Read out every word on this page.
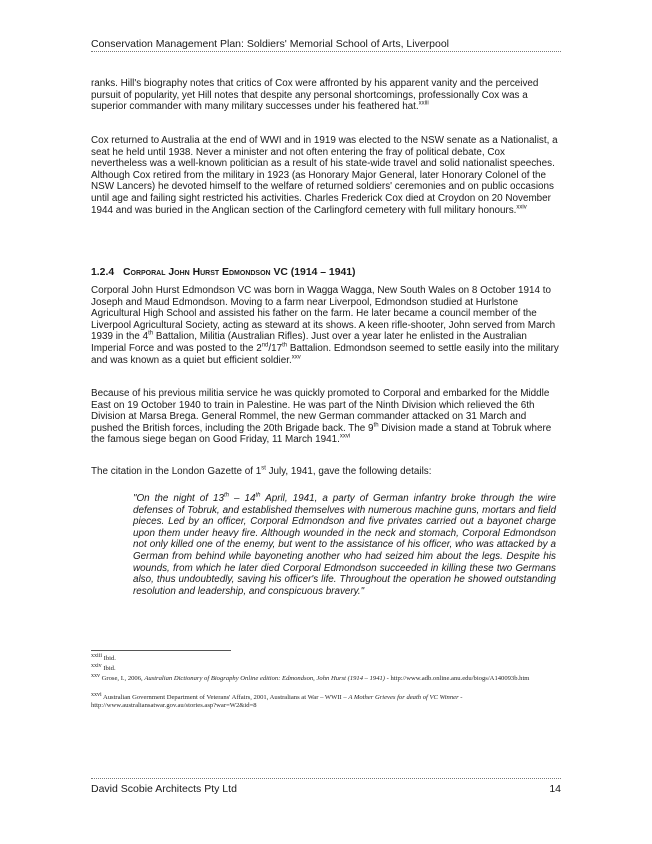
Conservation Management Plan: Soldiers' Memorial School of Arts, Liverpool

ranks. Hill's biography notes that critics of Cox were affronted by his apparent vanity and the perceived pursuit of popularity, yet Hill notes that despite any personal shortcomings, professionally Cox was a superior commander with many military successes under his feathered hat.$^{xxiii}$

Cox returned to Australia at the end of WWI and in 1919 was elected to the NSW senate as a Nationalist, a seat he held until 1938. Never a minister and not often entering the fray of political debate, Cox nevertheless was a well-known politician as a result of his state-wide travel and solid nationalist speeches. Although Cox retired from the military in 1923 (as Honorary Major General, later Honorary Colonel of the NSW Lancers) he devoted himself to the welfare of returned soldiers' ceremonies and on public occasions until age and failing sight restricted his activities. Charles Frederick Cox died at Croydon on 20 November 1944 and was buried in the Anglican section of the Carlingford cemetery with full military honours.$^{xxiv}$

1.2.4 Corporal John Hurst Edmondson VC (1914 – 1941)

Corporal John Hurst Edmondson VC was born in Wagga Wagga, New South Wales on 8 October 1914 to Joseph and Maud Edmondson. Moving to a farm near Liverpool, Edmondson studied at Hurlstone Agricultural High School and assisted his father on the farm. He later became a council member of the Liverpool Agricultural Society, acting as steward at its shows. A keen rifle-shooter, John served from March 1939 in the 4th Battalion, Militia (Australian Rifles). Just over a year later he enlisted in the Australian Imperial Force and was posted to the 2nd/17th Battalion. Edmondson seemed to settle easily into the military and was known as a quiet but efficient soldier.$^{xxv}$

Because of his previous militia service he was quickly promoted to Corporal and embarked for the Middle East on 19 October 1940 to train in Palestine. He was part of the Ninth Division which relieved the 6th Division at Marsa Brega. General Rommel, the new German commander attacked on 31 March and pushed the British forces, including the 20th Brigade back. The 9th Division made a stand at Tobruk where the famous siege began on Good Friday, 11 March 1941.$^{xxvi}$

The citation in the London Gazette of 1st July, 1941, gave the following details:

"On the night of 13th – 14th April, 1941, a party of German infantry broke through the wire defenses of Tobruk, and established themselves with numerous machine guns, mortars and field pieces. Led by an officer, Corporal Edmondson and five privates carried out a bayonet charge upon them under heavy fire. Although wounded in the neck and stomach, Corporal Edmondson not only killed one of the enemy, but went to the assistance of his officer, who was attacked by a German from behind while bayoneting another who had seized him about the legs. Despite his wounds, from which he later died Corporal Edmondson succeeded in killing these two Germans also, thus undoubtedly, saving his officer's life. Throughout the operation he showed outstanding resolution and leadership, and conspicuous bravery."

xxiii Ibid.

xxiv Ibid.

xxv Grose, I., 2006, Australian Dictionary of Biography Online edition: Edmondson, John Hurst (1914 – 1941) - http://www.adb.online.anu.edu/biogs/A140093b.htm

xxvi Australian Government Department of Veterans' Affairs, 2001, Australians at War – WWII – A Mother Grieves for death of VC Winner - http://www.australiansatwar.gov.au/stories.asp?war=W2&id=8

David Scobie Architects Pty Ltd	14
